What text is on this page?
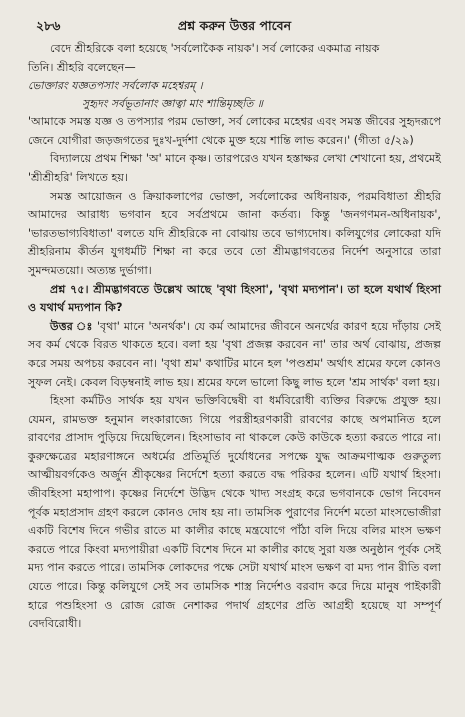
২৮৬	প্রশ্ন করুন উত্তর পাবেন

বেদে শ্রীহরিকে বলা হয়েছে 'সর্বলোকৈক নায়ক'। সর্ব লোকের একমাত্র নায়ক

তিনি। শ্রীহরি বলেছেন—

ভোক্তারং যজ্ঞতপসাং সর্বলোক মহেশ্বরম্ ।

সুহৃদং সর্বভূতানাং জ্ঞাত্বা মাং শান্তিমৃচ্ছতি ॥

'আমাকে সমস্ত যজ্ঞ ও তপস্যার পরম ভোক্তা, সর্ব লোকের মহেশ্বর এবং সমস্ত জীবের সুহৃদরূপে জেনে যোগীরা জড়জগতের দুঃখ-দুর্দশা থেকে মুক্ত হয়ে শান্তি লাভ করেন।' (গীতা ৫/২৯)

বিদ্যালয়ে প্রথম শিক্ষা 'অ' মানে কৃষ্ণ। তারপরেও যখন হস্তাক্ষর লেখা শেখানো হয়, প্রথমেই 'শ্রীশ্রীহরি' লিখতে হয়।

সমস্ত আয়োজন ও ক্রিয়াকলাপের ভোক্তা, সর্বলোকের অধিনায়ক, পরমবিধাতা শ্রীহরি আমাদের আরাধ্য ভগবান হবে সর্বপ্রথমে জানা কর্তব্য। কিন্তু 'জনগণমন-অধিনায়ক', 'ভারতভাগ্যবিধাতা' বলতে যদি শ্রীহরিকে না বোঝায় তবে ভাগ্যদোষ। কলিযুগের লোকেরা যদি শ্রীহরিনাম কীর্তন যুগধর্মটি শিক্ষা না করে তবে তো শ্রীমদ্ভাগবতের নির্দেশ অনুসারে তারা সুমন্দমতয়ো। অত্যন্ত দুর্ভাগা।

প্রশ্ন ৭৫। শ্রীমদ্ভাগবতে উল্লেখ আছে 'বৃথা হিংসা', 'বৃথা মদ্যপান'। তা হলে যথার্থ হিংসা ও যথার্থ মদ্যপান কি?

উত্তর ঃ 'বৃথা' মানে 'অনর্থক'। যে কর্ম আমাদের জীবনে অনর্থের কারণ হয়ে দাঁড়ায় সেই সব কর্ম থেকে বিরত থাকতে হবে। বলা হয় 'বৃথা প্রজল্প করবেন না' তার অর্থ বোঝায়, প্রজল্প করে সময় অপচয় করবেন না। 'বৃথা শ্রম' কথাটির মানে হল 'পণ্ডশ্রম' অর্থাৎ শ্রমের ফলে কোনও সুফল নেই। কেবল বিড়ম্বনাই লাভ হয়। শ্রমের ফলে ভালো কিছু লাভ হলে 'শ্রম সার্থক' বলা হয়।

হিংসা কর্মটিও সার্থক হয় যখন ভক্তিবিদ্বেষী বা ধর্মবিরোধী ব্যক্তির বিরুদ্ধে প্রযুক্ত হয়। যেমন, রামভক্ত হনুমান লংকারাজ্যে গিয়ে পরস্ত্রীহরণকারী রাবণের কাছে অপমানিত হলে রাবণের প্রাসাদ পুড়িয়ে দিয়েছিলেন। হিংসাভাব না থাকলে কেউ কাউকে হত্যা করতে পারে না। কুরুক্ষেত্রের মহারণাঙ্গনে অধর্মের প্রতিমূর্তি দুর্যোধনের সপক্ষে যুদ্ধ আক্রমণাত্মক গুরুতুল্য আত্মীয়বর্গকেও অর্জুন শ্রীকৃষ্ণের নির্দেশে হত্যা করতে বদ্ধ পরিকর হলেন। এটি যথার্থ হিংসা। জীবহিংসা মহাপাপ। কৃষ্ণের নির্দেশে উদ্ভিদ থেকে খাদ্য সংগ্রহ করে ভগবানকে ভোগ নিবেদন পূর্বক মহাপ্রসাদ গ্রহণ করলে কোনও দোষ হয় না। তামসিক পুরাণের নির্দেশ মতো মাংসভোজীরা একটি বিশেষ দিনে গভীর রাতে মা কালীর কাছে মন্ত্রযোগে পাঁঠা বলি দিয়ে বলির মাংস ভক্ষণ করতে পারে কিংবা মদ্যপায়ীরা একটি বিশেষ দিনে মা কালীর কাছে সুরা যজ্ঞ অনুষ্ঠান পূর্বক সেই মদ্য পান করতে পারে। তামসিক লোকদের পক্ষে সেটা যথার্থ মাংস ভক্ষণ বা মদ্য পান রীতি বলা যেতে পারে। কিন্তু কলিযুগে সেই সব তামসিক শাস্ত্র নির্দেশও বরবাদ করে দিয়ে মানুষ পাইকারী হারে পশুহিংসা ও রোজ রোজ নেশাকর পদার্থ গ্রহণের প্রতি আগ্রহী হয়েছে যা সম্পূর্ণ বেদবিরোধী।
